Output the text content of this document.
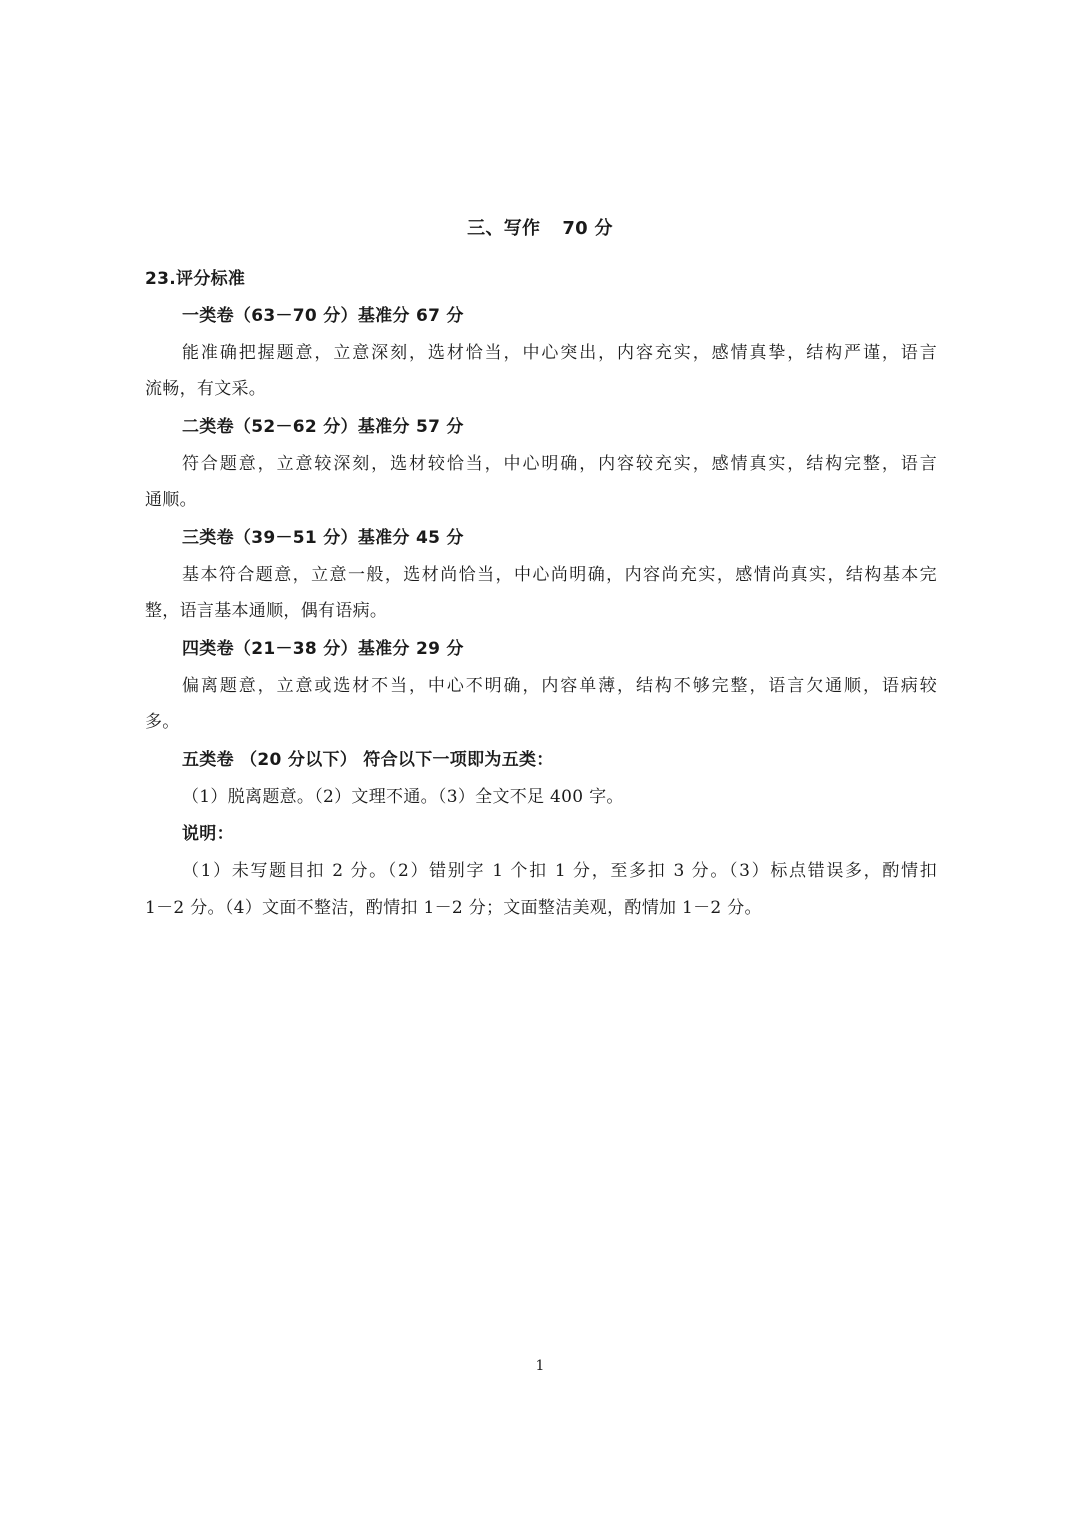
三、写作 70 分
23.评分标准
一类卷（63－70 分）基准分 67 分
能准确把握题意，立意深刻，选材恰当，中心突出，内容充实，感情真挚，结构严谨，语言
流畅，有文采。
二类卷（52－62 分）基准分 57 分
符合题意，立意较深刻，选材较恰当，中心明确，内容较充实，感情真实，结构完整，语言
通顺。
三类卷（39－51 分）基准分 45 分
基本符合题意，立意一般，选材尚恰当，中心尚明确，内容尚充实，感情尚真实，结构基本完
整，语言基本通顺，偶有语病。
四类卷（21－38 分）基准分 29 分
偏离题意，立意或选材不当，中心不明确，内容单薄，结构不够完整，语言欠通顺，语病较
多。
五类卷 （20 分以下） 符合以下一项即为五类：
（1）脱离题意。（2）文理不通。（3）全文不足 400 字。
说明：
（1）未写题目扣 2 分。（2）错别字 1 个扣 1 分，至多扣 3 分。（3）标点错误多，酌情扣
1－2 分。（4）文面不整洁，酌情扣 1－2 分；文面整洁美观，酌情加 1－2 分。
1
